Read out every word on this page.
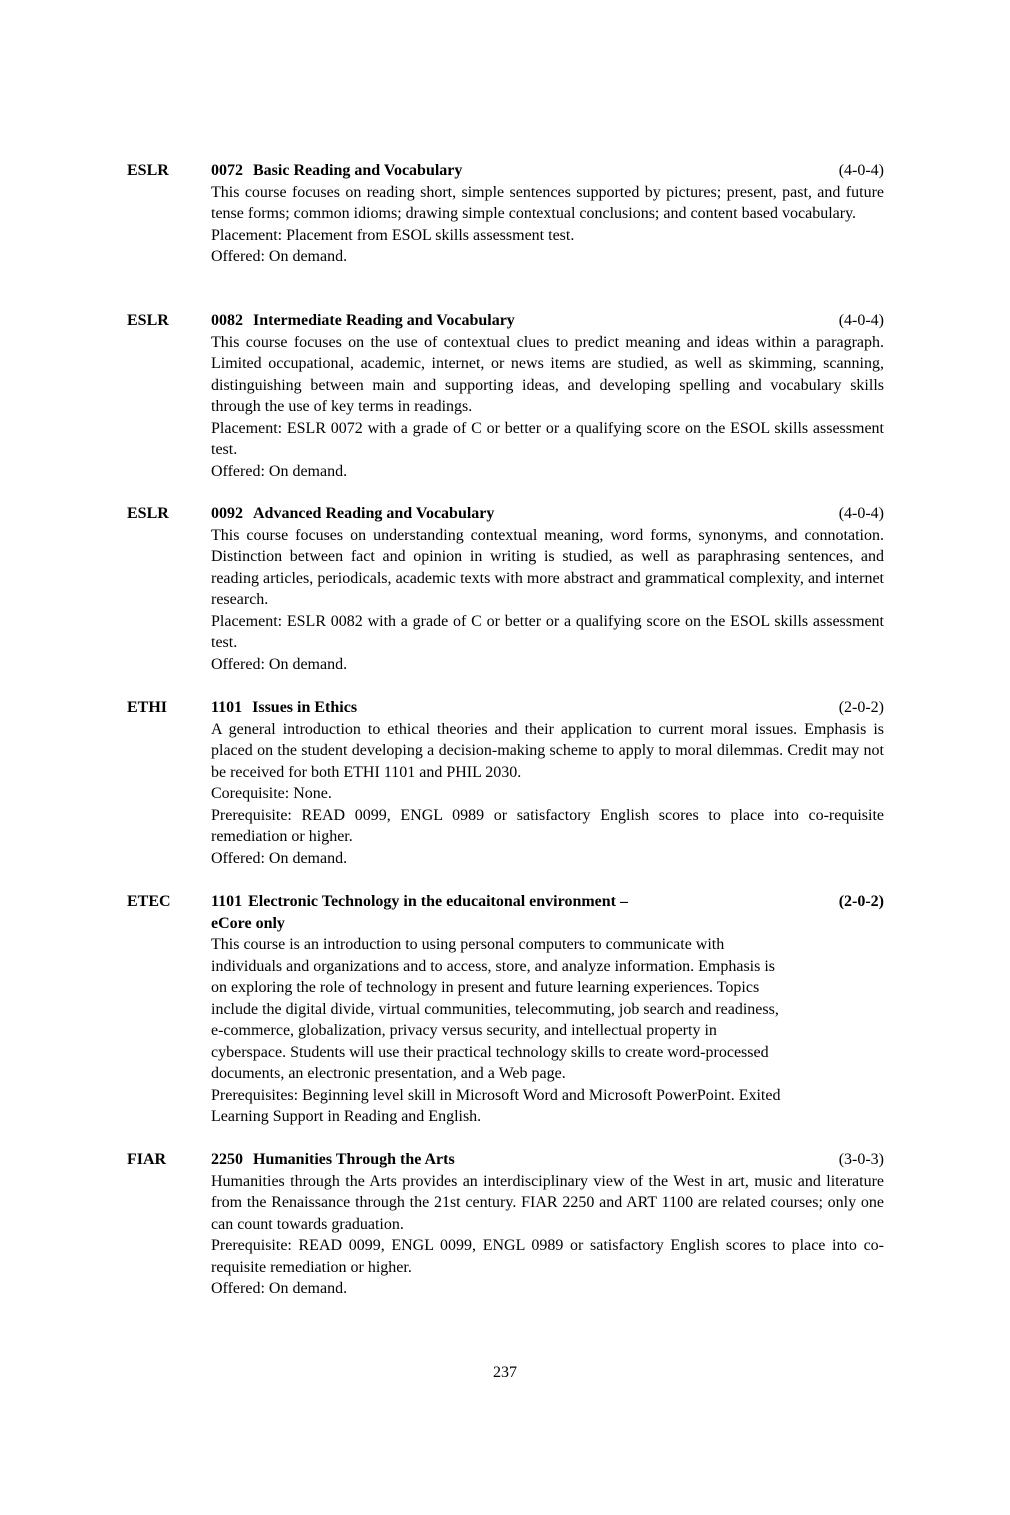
ESLR	0072 Basic Reading and Vocabulary	(4-0-4)

This course focuses on reading short, simple sentences supported by pictures; present, past, and future tense forms; common idioms; drawing simple contextual conclusions; and content based vocabulary.

Placement: Placement from ESOL skills assessment test.

Offered: On demand.

ESLR	0082 Intermediate Reading and Vocabulary	(4-0-4)

This course focuses on the use of contextual clues to predict meaning and ideas within a paragraph. Limited occupational, academic, internet, or news items are studied, as well as skimming, scanning, distinguishing between main and supporting ideas, and developing spelling and vocabulary skills through the use of key terms in readings.

Placement: ESLR 0072 with a grade of C or better or a qualifying score on the ESOL skills assessment test.

Offered: On demand.

ESLR	0092 Advanced Reading and Vocabulary	(4-0-4)

This course focuses on understanding contextual meaning, word forms, synonyms, and connotation. Distinction between fact and opinion in writing is studied, as well as paraphrasing sentences, and reading articles, periodicals, academic texts with more abstract and grammatical complexity, and internet research.

Placement: ESLR 0082 with a grade of C or better or a qualifying score on the ESOL skills assessment test.

Offered: On demand.

ETHI	1101 Issues in Ethics	(2-0-2)

A general introduction to ethical theories and their application to current moral issues. Emphasis is placed on the student developing a decision-making scheme to apply to moral dilemmas. Credit may not be received for both ETHI 1101 and PHIL 2030.

Corequisite: None.

Prerequisite: READ 0099, ENGL 0989 or satisfactory English scores to place into co-requisite remediation or higher.

Offered: On demand.

ETEC	1101 Electronic Technology in the educaitonal environment –	(2-0-2)

eCore only

This course is an introduction to using personal computers to communicate with

individuals and organizations and to access, store, and analyze information. Emphasis is

on exploring the role of technology in present and future learning experiences. Topics

include the digital divide, virtual communities, telecommuting, job search and readiness,

e-commerce, globalization, privacy versus security, and intellectual property in

cyberspace. Students will use their practical technology skills to create word-processed

documents, an electronic presentation, and a Web page.

Prerequisites: Beginning level skill in Microsoft Word and Microsoft PowerPoint. Exited

Learning Support in Reading and English.

FIAR	2250 Humanities Through the Arts	(3-0-3)

Humanities through the Arts provides an interdisciplinary view of the West in art, music and literature from the Renaissance through the 21st century. FIAR 2250 and ART 1100 are related courses; only one can count towards graduation.

Prerequisite: READ 0099, ENGL 0099, ENGL 0989 or satisfactory English scores to place into co-requisite remediation or higher.

Offered: On demand.

237
